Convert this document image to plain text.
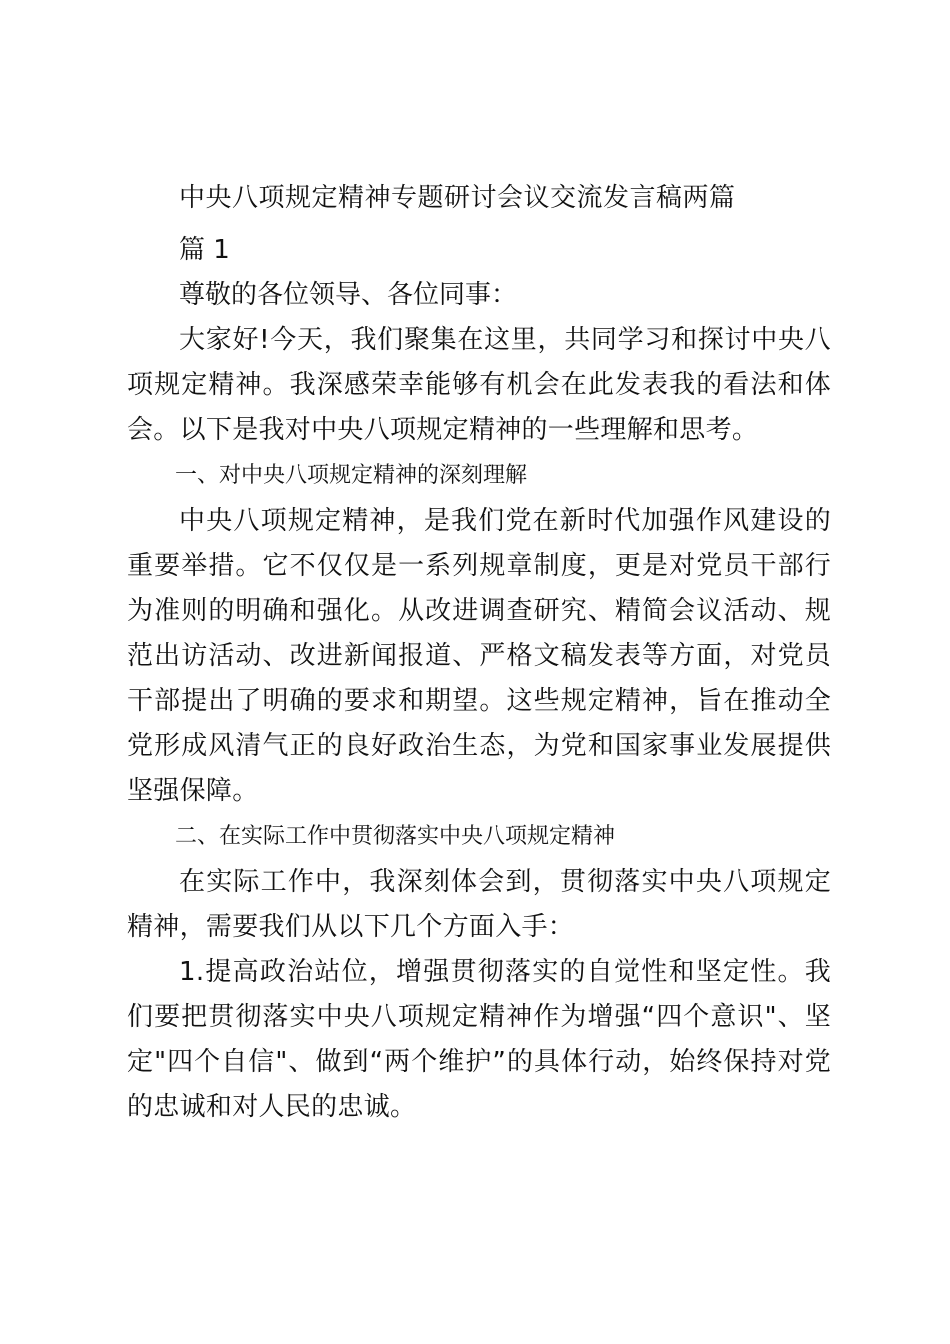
中央八项规定精神专题研讨会议交流发言稿两篇

篇 1

尊敬的各位领导、各位同事：

大家好!今天，我们聚集在这里，共同学习和探讨中央八项规定精神。我深感荣幸能够有机会在此发表我的看法和体会。以下是我对中央八项规定精神的一些理解和思考。

一、对中央八项规定精神的深刻理解

中央八项规定精神，是我们党在新时代加强作风建设的重要举措。它不仅仅是一系列规章制度，更是对党员干部行为准则的明确和强化。从改进调查研究、精简会议活动、规范出访活动、改进新闻报道、严格文稿发表等方面，对党员干部提出了明确的要求和期望。这些规定精神，旨在推动全党形成风清气正的良好政治生态，为党和国家事业发展提供坚强保障。

二、在实际工作中贯彻落实中央八项规定精神

在实际工作中，我深刻体会到，贯彻落实中央八项规定精神，需要我们从以下几个方面入手：

1.提高政治站位，增强贯彻落实的自觉性和坚定性。我们要把贯彻落实中央八项规定精神作为增强“四个意识"、坚定"四个自信"、做到“两个维护”的具体行动，始终保持对党的忠诚和对人民的忠诚。
